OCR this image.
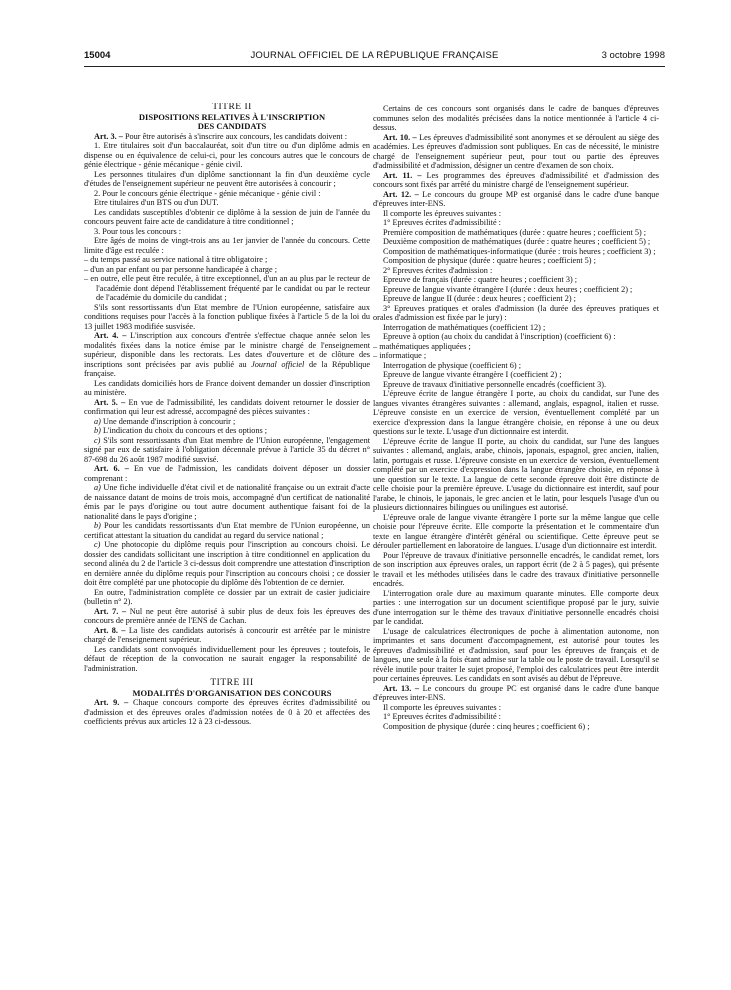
15004	JOURNAL OFFICIEL DE LA RÉPUBLIQUE FRANÇAISE	3 octobre 1998

TITRE II

DISPOSITIONS RELATIVES À L'INSCRIPTION

DES CANDIDATS

Art. 3. – Pour être autorisés à s'inscrire aux concours, les candidats doivent :

1. Etre titulaires soit d'un baccalauréat, soit d'un titre ou d'un diplôme admis en dispense ou en équivalence de celui-ci, pour les concours autres que le concours de génie électrique - génie mécanique - génie civil.

Les personnes titulaires d'un diplôme sanctionnant la fin d'un deuxième cycle d'études de l'enseignement supérieur ne peuvent être autorisées à concourir ;

2. Pour le concours génie électrique - génie mécanique - génie civil :

Etre titulaires d'un BTS ou d'un DUT.

Les candidats susceptibles d'obtenir ce diplôme à la session de juin de l'année du concours peuvent faire acte de candidature à titre conditionnel ;

3. Pour tous les concours :

Etre âgés de moins de vingt-trois ans au 1er janvier de l'année du concours. Cette limite d'âge est reculée :

– du temps passé au service national à titre obligatoire ;

– d'un an par enfant ou par personne handicapée à charge ;

– en outre, elle peut être reculée, à titre exceptionnel, d'un an au plus par le recteur de l'académie dont dépend l'établissement fréquenté par le candidat ou par le recteur de l'académie du domicile du candidat ;

S'ils sont ressortissants d'un Etat membre de l'Union européenne, satisfaire aux conditions requises pour l'accès à la fonction publique fixées à l'article 5 de la loi du 13 juillet 1983 modifiée susvisée.

Art. 4. – L'inscription aux concours d'entrée s'effectue chaque année selon les modalités fixées dans la notice émise par le ministre chargé de l'enseignement supérieur, disponible dans les rectorats. Les dates d'ouverture et de clôture des inscriptions sont précisées par avis publié au Journal officiel de la République française.

Les candidats domiciliés hors de France doivent demander un dossier d'inscription au ministère.

Art. 5. – En vue de l'admissibilité, les candidats doivent retourner le dossier de confirmation qui leur est adressé, accompagné des pièces suivantes :

a) Une demande d'inscription à concourir ;

b) L'indication du choix du concours et des options ;

c) S'ils sont ressortissants d'un Etat membre de l'Union européenne, l'engagement signé par eux de satisfaire à l'obligation décennale prévue à l'article 35 du décret n° 87-698 du 26 août 1987 modifié susvisé.

Art. 6. – En vue de l'admission, les candidats doivent déposer un dossier comprenant :

a) Une fiche individuelle d'état civil et de nationalité française ou un extrait d'acte de naissance datant de moins de trois mois, accompagné d'un certificat de nationalité émis par le pays d'origine ou tout autre document authentique faisant foi de la nationalité dans le pays d'origine ;

b) Pour les candidats ressortissants d'un Etat membre de l'Union européenne, un certificat attestant la situation du candidat au regard du service national ;

c) Une photocopie du diplôme requis pour l'inscription au concours choisi. Le dossier des candidats sollicitant une inscription à titre conditionnel en application du second alinéa du 2 de l'article 3 ci-dessus doit comprendre une attestation d'inscription en dernière année du diplôme requis pour l'inscription au concours choisi ; ce dossier doit être complété par une photocopie du diplôme dès l'obtention de ce dernier.

En outre, l'administration complète ce dossier par un extrait de casier judiciaire (bulletin n° 2).

Art. 7. – Nul ne peut être autorisé à subir plus de deux fois les épreuves des concours de première année de l'ENS de Cachan.

Art. 8. – La liste des candidats autorisés à concourir est arrêtée par le ministre chargé de l'enseignement supérieur.

Les candidats sont convoqués individuellement pour les épreuves ; toutefois, le défaut de réception de la convocation ne saurait engager la responsabilité de l'administration.

TITRE III

MODALITÉS D'ORGANISATION DES CONCOURS

Art. 9. – Chaque concours comporte des épreuves écrites d'admissibilité ou d'admission et des épreuves orales d'admission notées de 0 à 20 et affectées des coefficients prévus aux articles 12 à 23 ci-dessous.

Certains de ces concours sont organisés dans le cadre de banques d'épreuves communes selon des modalités précisées dans la notice mentionnée à l'article 4 ci-dessus.

Art. 10. – Les épreuves d'admissibilité sont anonymes et se déroulent au siège des académies. Les épreuves d'admission sont publiques. En cas de nécessité, le ministre chargé de l'enseignement supérieur peut, pour tout ou partie des épreuves d'admissibilité et d'admission, désigner un centre d'examen de son choix.

Art. 11. – Les programmes des épreuves d'admissibilité et d'admission des concours sont fixés par arrêté du ministre chargé de l'enseignement supérieur.

Art. 12. – Le concours du groupe MP est organisé dans le cadre d'une banque d'épreuves inter-ENS.

Il comporte les épreuves suivantes :

1° Epreuves écrites d'admissibilité :

Première composition de mathématiques (durée : quatre heures ; coefficient 5) ;

Deuxième composition de mathématiques (durée : quatre heures ; coefficient 5) ;

Composition de mathématiques-informatique (durée : trois heures ; coefficient 3) ;

Composition de physique (durée : quatre heures ; coefficient 5) ;

2° Epreuves écrites d'admission :

Epreuve de français (durée : quatre heures ; coefficient 3) ;

Epreuve de langue vivante étrangère I (durée : deux heures ; coefficient 2) ;

Epreuve de langue II (durée : deux heures ; coefficient 2) ;

3° Epreuves pratiques et orales d'admission (la durée des épreuves pratiques et orales d'admission est fixée par le jury) :

Interrogation de mathématiques (coefficient 12) ;

Epreuve à option (au choix du candidat à l'inscription) (coefficient 6) :

– mathématiques appliquées ;

– informatique ;

Interrogation de physique (coefficient 6) ;

Epreuve de langue vivante étrangère I (coefficient 2) ;

Epreuve de travaux d'initiative personnelle encadrés (coefficient 3).

L'épreuve écrite de langue étrangère I porte, au choix du candidat, sur l'une des langues vivantes étrangères suivantes : allemand, anglais, espagnol, italien et russe. L'épreuve consiste en un exercice de version, éventuellement complété par un exercice d'expression dans la langue étrangère choisie, en réponse à une ou deux questions sur le texte. L'usage d'un dictionnaire est interdit.

L'épreuve écrite de langue II porte, au choix du candidat, sur l'une des langues suivantes : allemand, anglais, arabe, chinois, japonais, espagnol, grec ancien, italien, latin, portugais et russe. L'épreuve consiste en un exercice de version, éventuellement complété par un exercice d'expression dans la langue étrangère choisie, en réponse à une question sur le texte. La langue de cette seconde épreuve doit être distincte de celle choisie pour la première épreuve. L'usage du dictionnaire est interdit, sauf pour l'arabe, le chinois, le japonais, le grec ancien et le latin, pour lesquels l'usage d'un ou plusieurs dictionnaires bilingues ou unilingues est autorisé.

L'épreuve orale de langue vivante étrangère I porte sur la même langue que celle choisie pour l'épreuve écrite. Elle comporte la présentation et le commentaire d'un texte en langue étrangère d'intérêt général ou scientifique. Cette épreuve peut se dérouler partiellement en laboratoire de langues. L'usage d'un dictionnaire est interdit.

Pour l'épreuve de travaux d'initiative personnelle encadrés, le candidat remet, lors de son inscription aux épreuves orales, un rapport écrit (de 2 à 5 pages), qui présente le travail et les méthodes utilisées dans le cadre des travaux d'initiative personnelle encadrés.

L'interrogation orale dure au maximum quarante minutes. Elle comporte deux parties : une interrogation sur un document scientifique proposé par le jury, suivie d'une interrogation sur le thème des travaux d'initiative personnelle encadrés choisi par le candidat.

L'usage de calculatrices électroniques de poche à alimentation autonome, non imprimantes et sans document d'accompagnement, est autorisé pour toutes les épreuves d'admissibilité et d'admission, sauf pour les épreuves de français et de langues, une seule à la fois étant admise sur la table ou le poste de travail. Lorsqu'il se révèle inutile pour traiter le sujet proposé, l'emploi des calculatrices peut être interdit pour certaines épreuves. Les candidats en sont avisés au début de l'épreuve.

Art. 13. – Le concours du groupe PC est organisé dans le cadre d'une banque d'épreuves inter-ENS.

Il comporte les épreuves suivantes :

1° Epreuves écrites d'admissibilité :

Composition de physique (durée : cinq heures ; coefficient 6) ;
